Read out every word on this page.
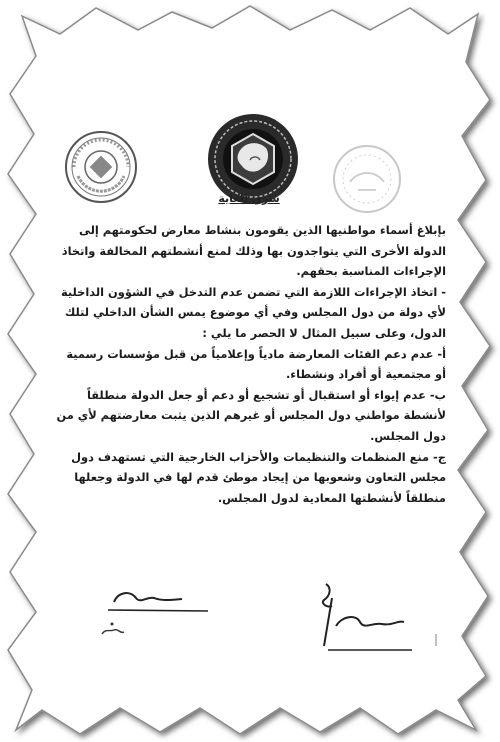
سري للغاية

بإبلاغ أسماء مواطنيها الذين يقومون بنشاط معارض لحكومتهم إلى الدولة الأخرى التي يتواجدون بها وذلك لمنع أنشطتهم المخالفة واتخاذ الإجراءات المناسبة بحقهم.

- اتخاذ الإجراءات اللازمة التي تضمن عدم التدخل في الشؤون الداخلية لأي دولة من دول المجلس وفي أي موضوع يمس الشأن الداخلي لتلك الدول، وعلى سبيل المثال لا الحصر ما يلي :

أ- عدم دعم الفئات المعارضة مادياً وإعلامياً من قبل مؤسسات رسمية أو مجتمعية أو أفراد ونشطاء.

ب- عدم إيواء أو استقبال أو تشجيع أو دعم أو جعل الدولة منطلقاً لأنشطة مواطني دول المجلس أو غيرهم الذين يثبت معارضتهم لأي من دول المجلس.

ج- منع المنظمات والتنظيمات والأحزاب الخارجية التي تستهدف دول مجلس التعاون وشعوبها من إيجاد موطئ قدم لها في الدولة وجعلها منطلقاً لأنشطتها المعادية لدول المجلس.
